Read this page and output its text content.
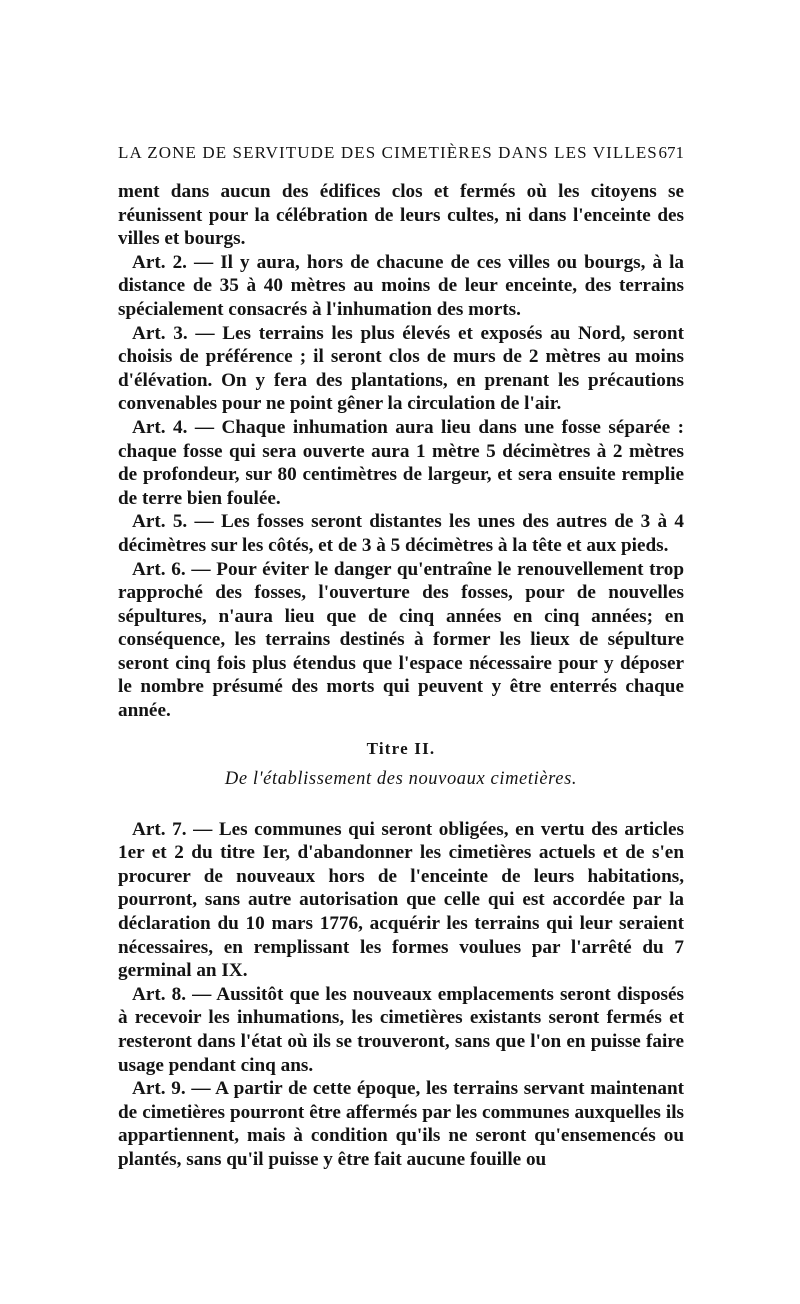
LA ZONE DE SERVITUDE DES CIMETIÈRES DANS LES VILLES 671

ment dans aucun des édifices clos et fermés où les citoyens se réunissent pour la célébration de leurs cultes, ni dans l'enceinte des villes et bourgs.

Art. 2. — Il y aura, hors de chacune de ces villes ou bourgs, à la distance de 35 à 40 mètres au moins de leur enceinte, des terrains spécialement consacrés à l'inhumation des morts.

Art. 3. — Les terrains les plus élevés et exposés au Nord, seront choisis de préférence ; il seront clos de murs de 2 mètres au moins d'élévation. On y fera des plantations, en prenant les précautions convenables pour ne point gêner la circulation de l'air.

Art. 4. — Chaque inhumation aura lieu dans une fosse séparée : chaque fosse qui sera ouverte aura 1 mètre 5 décimètres à 2 mètres de profondeur, sur 80 centimètres de largeur, et sera ensuite remplie de terre bien foulée.

Art. 5. — Les fosses seront distantes les unes des autres de 3 à 4 décimètres sur les côtés, et de 3 à 5 décimètres à la tête et aux pieds.

Art. 6. — Pour éviter le danger qu'entraîne le renouvellement trop rapproché des fosses, l'ouverture des fosses, pour de nouvelles sépultures, n'aura lieu que de cinq années en cinq années; en conséquence, les terrains destinés à former les lieux de sépulture seront cinq fois plus étendus que l'espace nécessaire pour y déposer le nombre présumé des morts qui peuvent y être enterrés chaque année.

Titre II.
De l'établissement des nouvoaux cimetières.

Art. 7. — Les communes qui seront obligées, en vertu des articles 1er et 2 du titre Ier, d'abandonner les cimetières actuels et de s'en procurer de nouveaux hors de l'enceinte de leurs habitations, pourront, sans autre autorisation que celle qui est accordée par la déclaration du 10 mars 1776, acquérir les terrains qui leur seraient nécessaires, en remplissant les formes voulues par l'arrêté du 7 germinal an IX.

Art. 8. — Aussitôt que les nouveaux emplacements seront disposés à recevoir les inhumations, les cimetières existants seront fermés et resteront dans l'état où ils se trouveront, sans que l'on en puisse faire usage pendant cinq ans.

Art. 9. — A partir de cette époque, les terrains servant maintenant de cimetières pourront être affermés par les communes auxquelles ils appartiennent, mais à condition qu'ils ne seront qu'ensemencés ou plantés, sans qu'il puisse y être fait aucune fouille ou
